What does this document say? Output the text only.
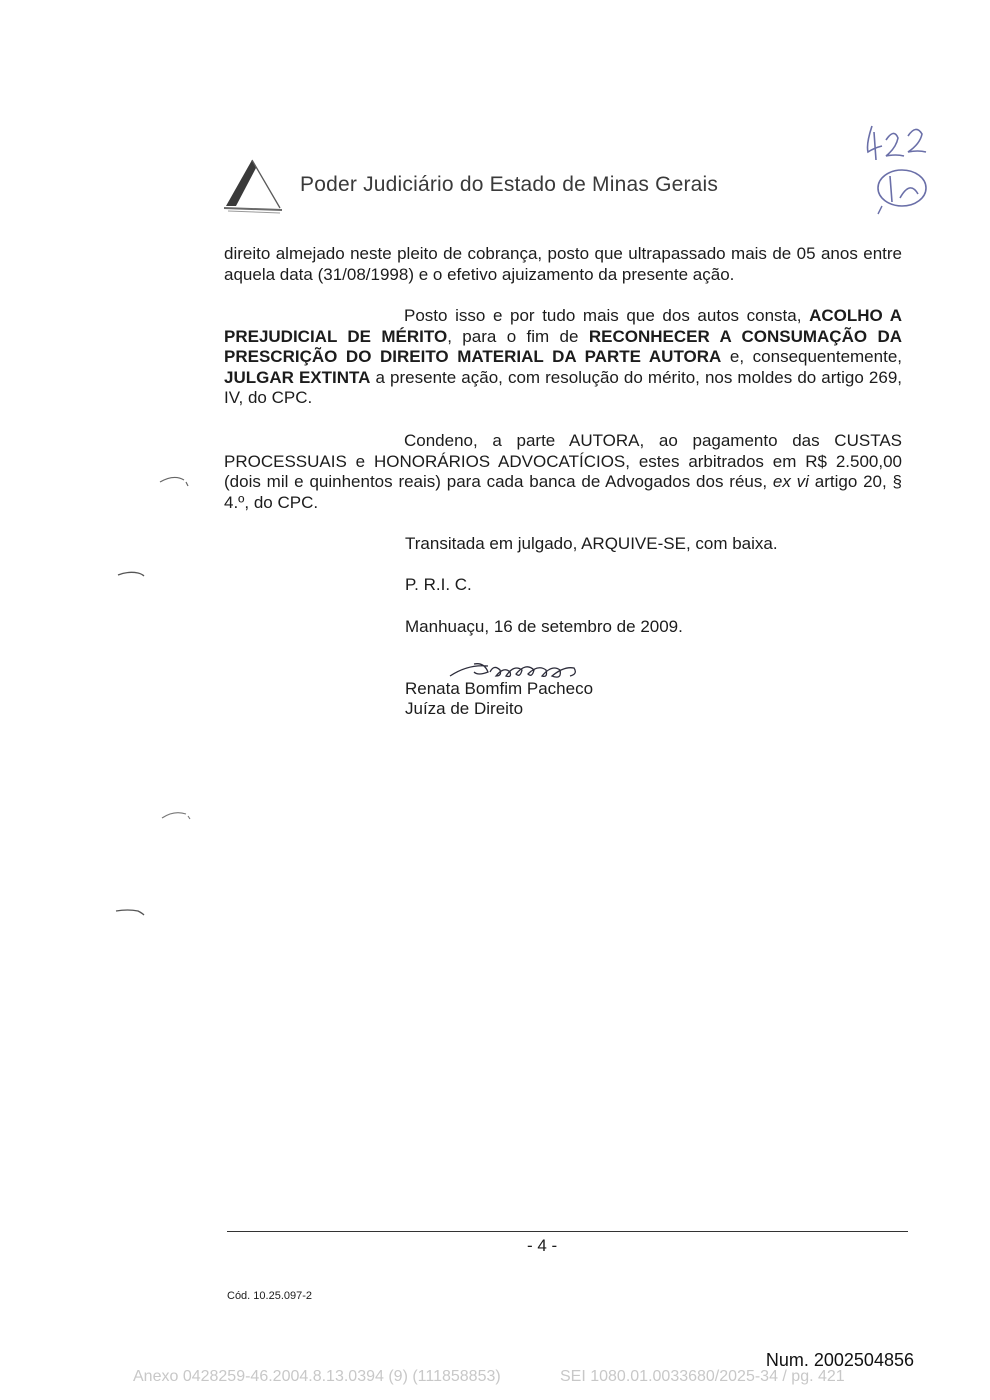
Poder Judiciário do Estado de Minas Gerais

direito almejado neste pleito de cobrança, posto que ultrapassado mais de 05 anos entre aquela data (31/08/1998) e o efetivo ajuizamento da presente ação.

Posto isso e por tudo mais que dos autos consta, ACOLHO A PREJUDICIAL DE MÉRITO, para o fim de RECONHECER A CONSUMAÇÃO DA PRESCRIÇÃO DO DIREITO MATERIAL DA PARTE AUTORA e, consequentemente, JULGAR EXTINTA a presente ação, com resolução do mérito, nos moldes do artigo 269, IV, do CPC.

Condeno, a parte AUTORA, ao pagamento das CUSTAS PROCESSUAIS e HONORÁRIOS ADVOCATÍCIOS, estes arbitrados em R$ 2.500,00 (dois mil e quinhentos reais) para cada banca de Advogados dos réus, ex vi artigo 20, § 4.º, do CPC.

Transitada em julgado, ARQUIVE-SE, com baixa.

P. R.I. C.

Manhuaçu, 16 de setembro de 2009.

Renata Bomfim Pacheco
Juíza de Direito
- 4 -
Cód. 10.25.097-2
Num. 2002504856
Anexo 0428259-46.2004.8.13.0394 (9) (111858853)	SEI 1080.01.0033680/2025-34 / pg. 421
